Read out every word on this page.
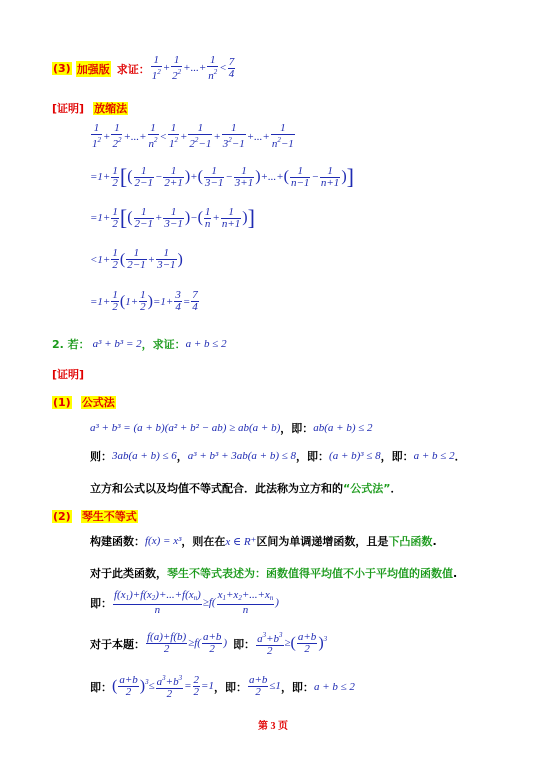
(3) 加强版 求证： $\frac{1}{1^2} + \frac{1}{2^2}$ +...+ $\frac{1}{n^2} < \frac{7}{4}$
[证明] 放缩法
$\frac{1}{1^2} + \frac{1}{2^2}$ +...+ $\frac{1}{n^2} < \frac{1}{1^2} + \frac{1}{2^2-1} + \frac{1}{3^2-1}$ +...+ $\frac{1}{n^2-1}$
$=1+ \frac{1}{2}$ [ ( $\frac{1}{2-1} - \frac{1}{2+1}$ ) + ( $\frac{1}{3-1} - \frac{1}{3+1}$ ) +...+ ( $\frac{1}{n-1} - \frac{1}{n+1}$ ) ]
$=1+ \frac{1}{2}$ [ ( $\frac{1}{2-1} + \frac{1}{3-1}$ ) − ( $\frac{1}{n} + \frac{1}{n+1}$ ) ]
$<1+ \frac{1}{2}$ ( $\frac{1}{2-1} + \frac{1}{3-1}$ )
$=1+ \frac{1}{2}$ ( $1+ \frac{1}{2}$ ) $=1+ \frac{3}{4} = \frac{7}{4}$
2. 若： a³ + b³ = 2 ，求证： a + b ≤ 2
[证明]
(1) 公式法
a³ + b³ = (a + b)(a² + b² − ab) ≥ ab(a + b) ，即： ab(a + b) ≤ 2
则： 3ab(a + b) ≤ 6 ， a³ + b³ + 3ab(a + b) ≤ 8 ，即： (a + b)³ ≤ 8 ，即： a + b ≤ 2 ．
立方和公式以及均值不等式配合．此法称为立方和的“公式法”．
(2) 琴生不等式
构建函数： f(x) = x³ ，则在在 x ∈ R⁺ 区间为单调递增函数，且是 下凸函数 .
对于此类函数，琴生不等式表述为：函数值得平均值不小于平均值的函数值.
即： $\frac{f(x_1)+f(x_2)+...+f(x_n)}{n} \ge f( \frac{x_1+x_2+...+x_n}{n}$ )
对于本题： $\frac{f(a)+f(b)}{2} \ge f( \frac{a+b}{2}$ ) 即： $\frac{a^3+b^3}{2}$ ≥( $\frac{a+b}{2} )^3$
即： ( $\frac{a+b}{2} )^3\le \frac{a^3+b^3}{2} = \frac{2}{2} =1$ ，即： $\frac{a+b}{2} \le 1$ ，即： a + b ≤ 2
第 3 页
